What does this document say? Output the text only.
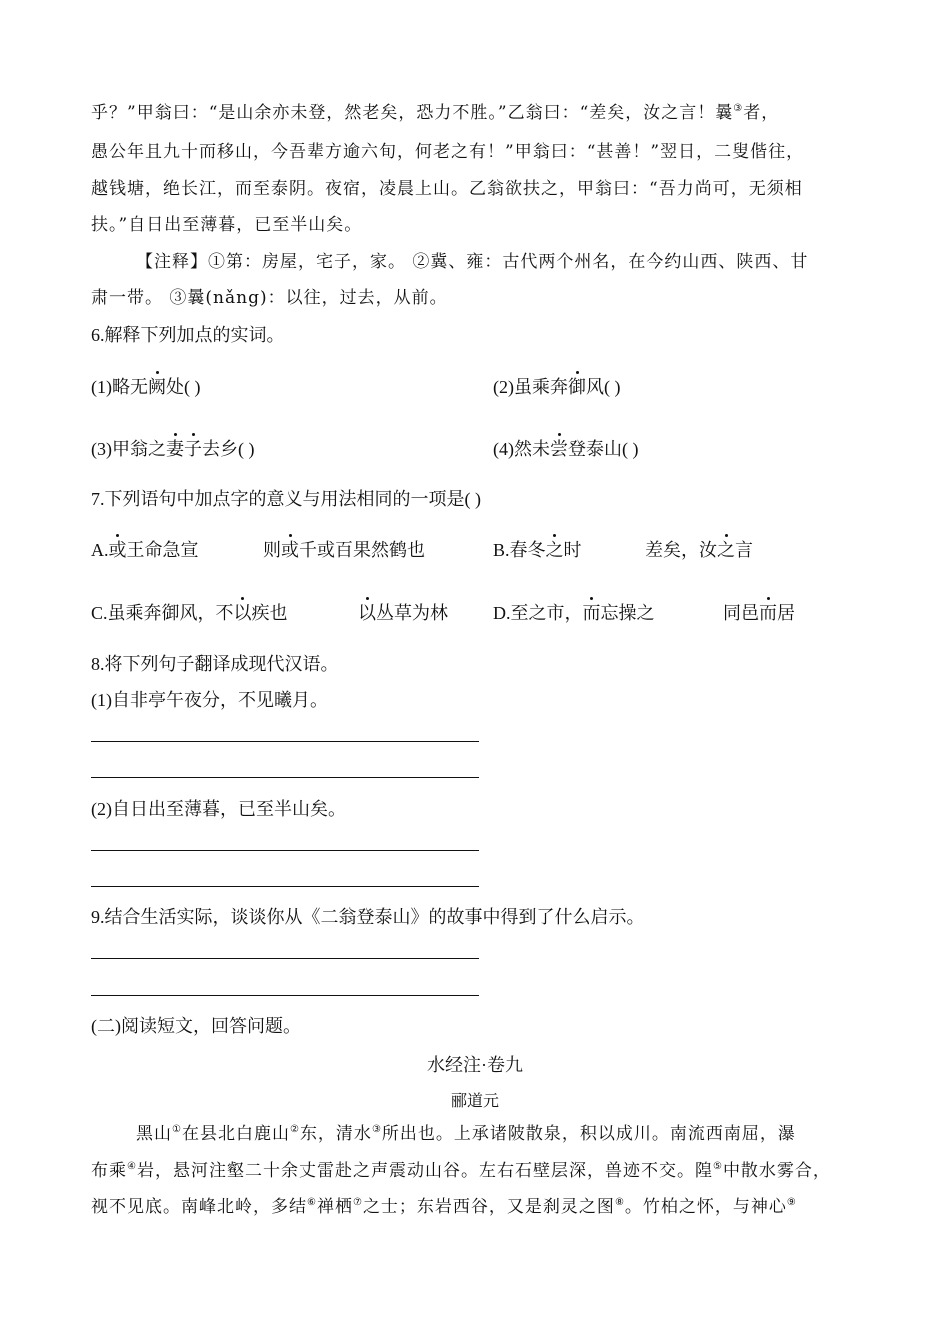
乎？”甲翁曰：“是山余亦未登，然老矣，恐力不胜。”乙翁曰：“差矣，汝之言！曩③者，
愚公年且九十而移山，今吾辈方逾六旬，何老之有！”甲翁曰：“甚善！”翌日，二叟偕往，
越钱塘，绝长江，而至泰阴。夜宿，凌晨上山。乙翁欲扶之，甲翁曰：“吾力尚可，无须相
扶。”自日出至薄暮，已至半山矣。
【注释】①第：房屋，宅子，家。 ②冀、雍：古代两个州名，在今约山西、陕西、甘
肃一带。 ③曩(nǎng)：以往，过去，从前。
6.解释下列加点的实词。
(1)略无阙处( )	(2)虽乘奔御风( )
(3)甲翁之妻子去乡( )	(4)然未尝登泰山( )
7.下列语句中加点字的意义与用法相同的一项是( )
A.或王命急宣	则或千或百果然鹤也	B.春冬之时	差矣，汝之言
C.虽乘奔御风，不以疾也	以丛草为林	D.至之市，而忘操之	同邑而居
8.将下列句子翻译成现代汉语。
(1)自非亭午夜分，不见曦月。
(2)自日出至薄暮，已至半山矣。
9.结合生活实际，谈谈你从《二翁登泰山》的故事中得到了什么启示。
(二)阅读短文，回答问题。
水经注·卷九
郦道元
黑山①在县北白鹿山②东，清水③所出也。上承诸陂散泉，积以成川。南流西南屈，瀑
布乘④岩，悬河注壑二十余丈雷赴之声震动山谷。左右石壁层深，兽迹不交。隍⑤中散水雾合，
视不见底。南峰北岭，多结⑥禅栖⑦之士；东岩西谷，又是刹灵之图⑧。竹柏之怀，与神心⑨
